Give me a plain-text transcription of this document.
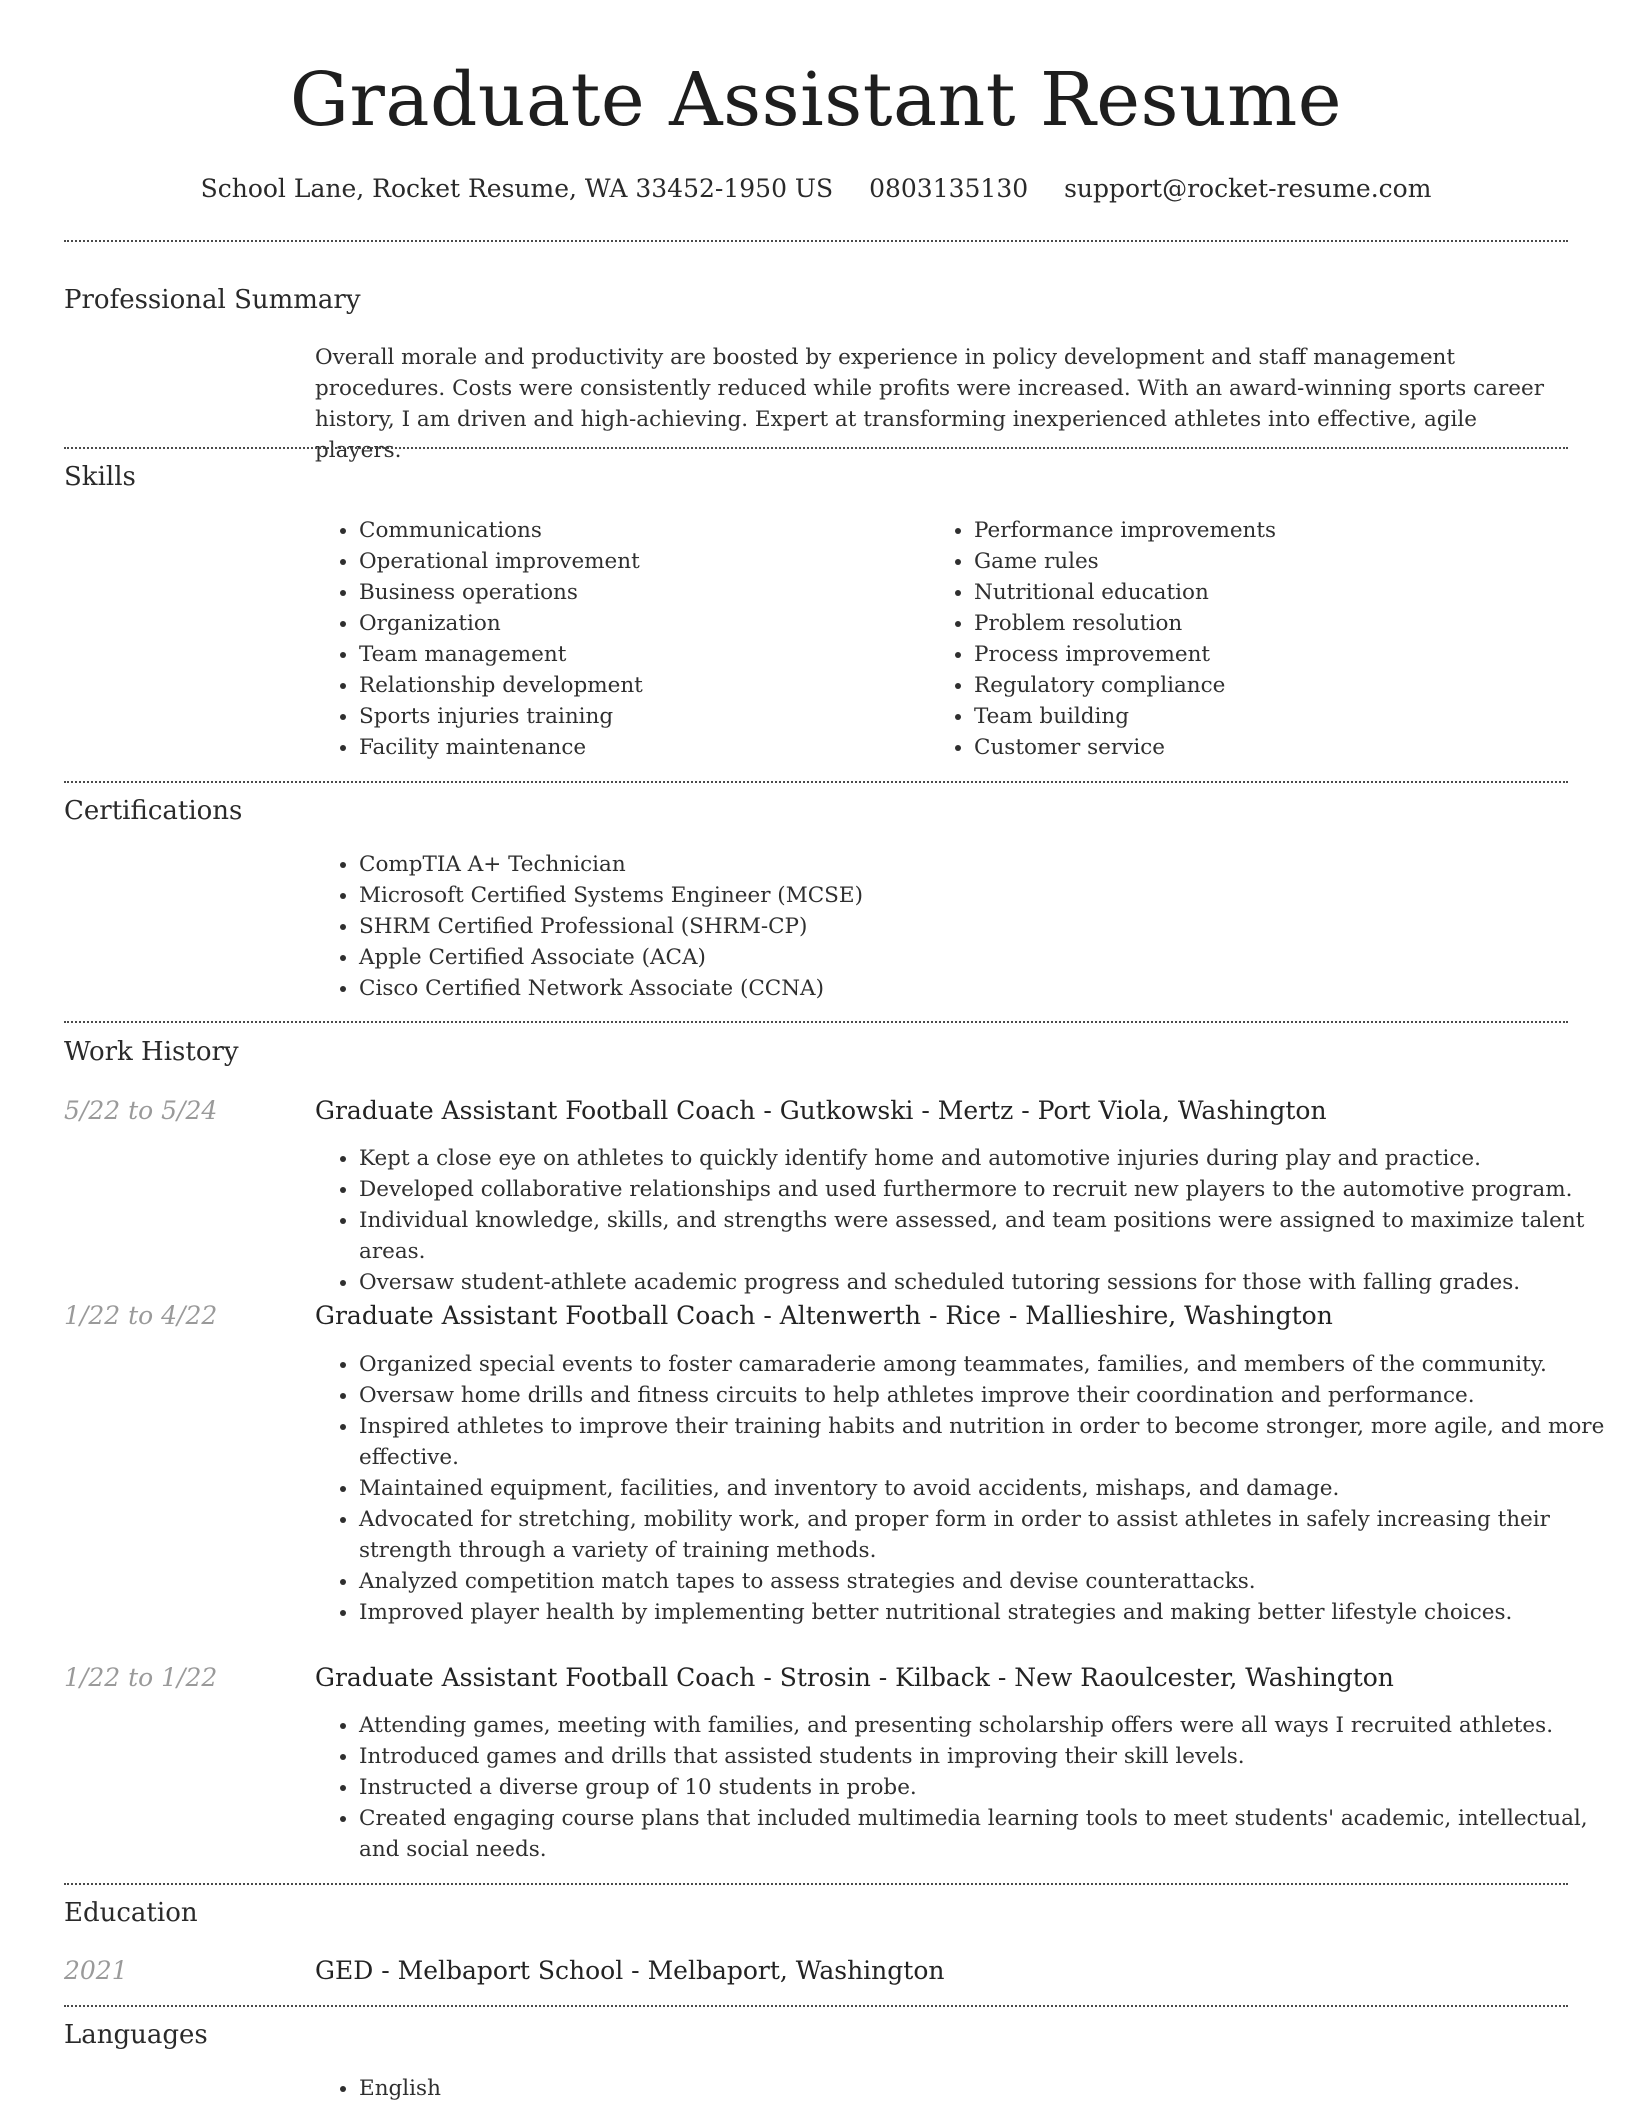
Graduate Assistant Resume
School Lane, Rocket Resume, WA 33452-1950 US 0803135130 support@rocket-resume.com
Professional Summary

Overall morale and productivity are boosted by experience in policy development and staff management procedures. Costs were consistently reduced while profits were increased. With an award-winning sports career history, I am driven and high-achieving. Expert at transforming inexperienced athletes into effective, agile players.

Skills
• Communications
• Operational improvement
• Business operations
• Organization
• Team management
• Relationship development
• Sports injuries training
• Facility maintenance
• Performance improvements
• Game rules
• Nutritional education
• Problem resolution
• Process improvement
• Regulatory compliance
• Team building
• Customer service
Certifications
• CompTIA A+ Technician
• Microsoft Certified Systems Engineer (MCSE)
• SHRM Certified Professional (SHRM-CP)
• Apple Certified Associate (ACA)
• Cisco Certified Network Associate (CCNA)
Work History
5/22 to 5/24	Graduate Assistant Football Coach - Gutkowski - Mertz - Port Viola, Washington
• Kept a close eye on athletes to quickly identify home and automotive injuries during play and practice.
• Developed collaborative relationships and used furthermore to recruit new players to the automotive program.
• Individual knowledge, skills, and strengths were assessed, and team positions were assigned to maximize talent areas.
• Oversaw student-athlete academic progress and scheduled tutoring sessions for those with falling grades.
1/22 to 4/22	Graduate Assistant Football Coach - Altenwerth - Rice - Mallieshire, Washington
• Organized special events to foster camaraderie among teammates, families, and members of the community.
• Oversaw home drills and fitness circuits to help athletes improve their coordination and performance.
• Inspired athletes to improve their training habits and nutrition in order to become stronger, more agile, and more effective.
• Maintained equipment, facilities, and inventory to avoid accidents, mishaps, and damage.
• Advocated for stretching, mobility work, and proper form in order to assist athletes in safely increasing their strength through a variety of training methods.
• Analyzed competition match tapes to assess strategies and devise counterattacks.
• Improved player health by implementing better nutritional strategies and making better lifestyle choices.
1/22 to 1/22	Graduate Assistant Football Coach - Strosin - Kilback - New Raoulcester, Washington
• Attending games, meeting with families, and presenting scholarship offers were all ways I recruited athletes.
• Introduced games and drills that assisted students in improving their skill levels.
• Instructed a diverse group of 10 students in probe.
• Created engaging course plans that included multimedia learning tools to meet students' academic, intellectual, and social needs.
Education
2021	GED - Melbaport School - Melbaport, Washington
Languages
• English
